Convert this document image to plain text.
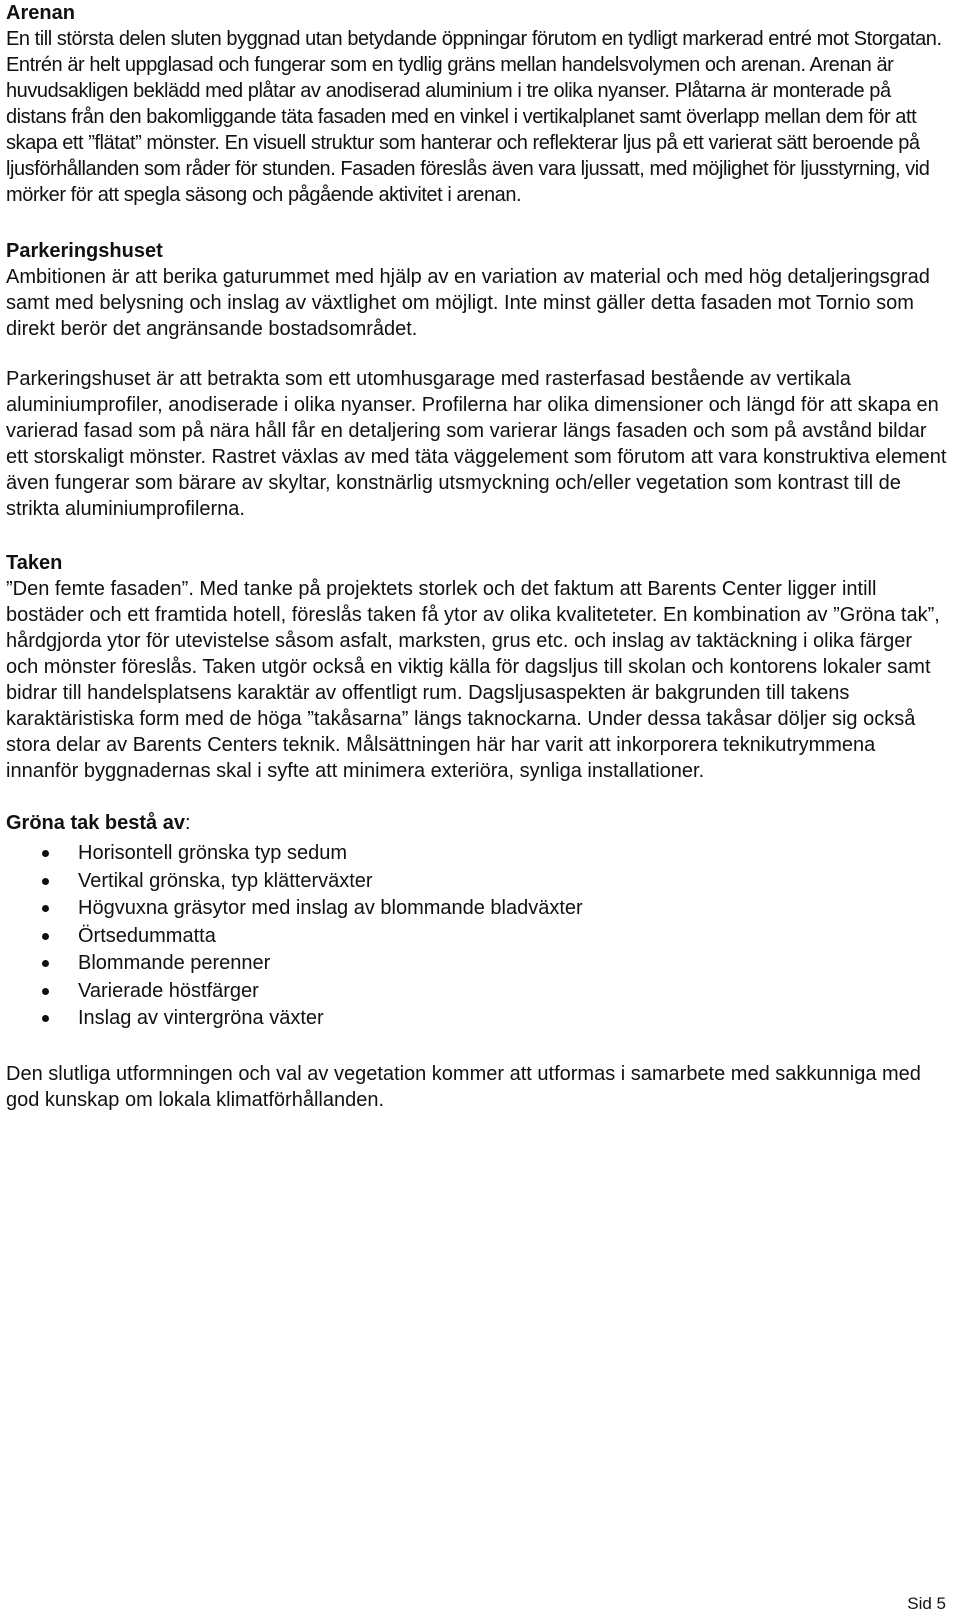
Arenan

En till största delen sluten byggnad utan betydande öppningar förutom en tydligt markerad entré mot Storgatan. Entrén är helt uppglasad och fungerar som en tydlig gräns mellan handelsvolymen och arenan. Arenan är huvudsakligen beklädd med plåtar av anodiserad aluminium i tre olika nyanser. Plåtarna är monterade på distans från den bakomliggande täta fasaden med en vinkel i vertikalplanet samt överlapp mellan dem för att skapa ett ”flätat” mönster. En visuell struktur som hanterar och reflekterar ljus på ett varierat sätt beroende på ljusförhållanden som råder för stunden. Fasaden föreslås även vara ljussatt, med möjlighet för ljusstyrning, vid mörker för att spegla säsong och pågående aktivitet i arenan.

Parkeringshuset

Ambitionen är att berika gaturummet med hjälp av en variation av material och med hög detaljeringsgrad samt med belysning och inslag av växtlighet om möjligt. Inte minst gäller detta fasaden mot Tornio som direkt berör det angränsande bostadsområdet.

Parkeringshuset är att betrakta som ett utomhusgarage med rasterfasad bestående av vertikala aluminiumprofiler, anodiserade i olika nyanser. Profilerna har olika dimensioner och längd för att skapa en varierad fasad som på nära håll får en detaljering som varierar längs fasaden och som på avstånd bildar ett storskaligt mönster. Rastret växlas av med täta väggelement som förutom att vara konstruktiva element även fungerar som bärare av skyltar, konstnärlig utsmyckning och/eller vegetation som kontrast till de strikta aluminiumprofilerna.

Taken

”Den femte fasaden”. Med tanke på projektets storlek och det faktum att Barents Center ligger intill bostäder och ett framtida hotell, föreslås taken få ytor av olika kvaliteteter. En kombination av ”Gröna tak”, hårdgjorda ytor för utevistelse såsom asfalt, marksten, grus etc. och inslag av taktäckning i olika färger och mönster föreslås. Taken utgör också en viktig källa för dagsljus till skolan och kontorens lokaler samt bidrar till handelsplatsens karaktär av offentligt rum. Dagsljusaspekten är bakgrunden till takens karaktäristiska form med de höga ”takåsarna” längs taknockarna. Under dessa takåsar döljer sig också stora delar av Barents Centers teknik. Målsättningen här har varit att inkorporera teknikutrymmena innanför byggnadernas skal i syfte att minimera exteriöra, synliga installationer.

Gröna tak bestå av:

Horisontell grönska typ sedum
Vertikal grönska, typ klätterväxter
Högvuxna gräsytor med inslag av blommande bladväxter
Örtsedummatta
Blommande perenner
Varierade höstfärger
Inslag av vintergröna växter

Den slutliga utformningen och val av vegetation kommer att utformas i samarbete med sakkunniga med god kunskap om lokala klimatförhållanden.

Sid 5
